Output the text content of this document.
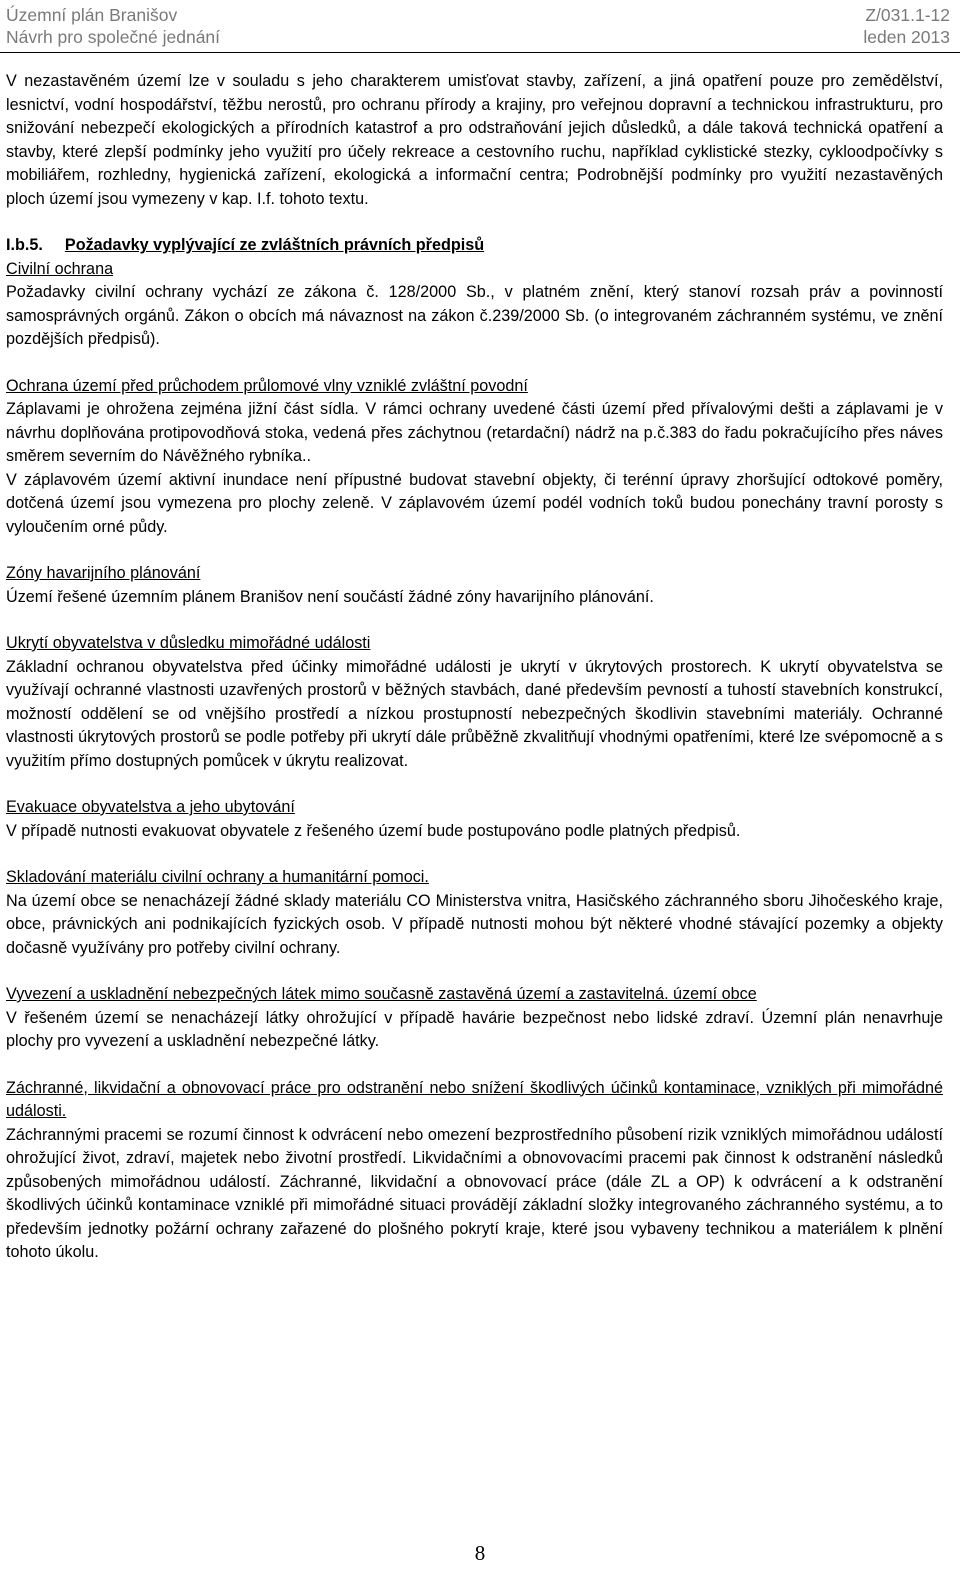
Územní plán Branišov	Z/031.1-12
Návrh pro společné jednání	leden 2013

V nezastavěném území lze v souladu s jeho charakterem umisťovat stavby, zařízení, a jiná opatření pouze pro zemědělství, lesnictví, vodní hospodářství, těžbu nerostů, pro ochranu přírody a krajiny, pro veřejnou dopravní a technickou infrastrukturu, pro snižování nebezpečí ekologických a přírodních katastrof a pro odstraňování jejich důsledků, a dále taková technická opatření a stavby, které zlepší podmínky jeho využití pro účely rekreace a cestovního ruchu, například cyklistické stezky, cykloodpočívky s mobiliářem, rozhledny, hygienická zařízení, ekologická a informační centra; Podrobnější podmínky pro využití nezastavěných ploch území jsou vymezeny v kap. I.f. tohoto textu.

I.b.5. Požadavky vyplývající ze zvláštních právních předpisů

Civilní ochrana

Požadavky civilní ochrany vychází ze zákona č. 128/2000 Sb., v platném znění, který stanoví rozsah práv a povinností samosprávných orgánů. Zákon o obcích má návaznost na zákon č.239/2000 Sb. (o integrovaném záchranném systému, ve znění pozdějších předpisů).

Ochrana území před průchodem průlomové vlny vzniklé zvláštní povodní

Záplavami je ohrožena zejména jižní část sídla. V rámci ochrany uvedené části území před přívalovými dešti a záplavami je v návrhu doplňována protipovodňová stoka, vedená přes záchytnou (retardační) nádrž na p.č.383 do řadu pokračujícího přes náves směrem severním do Návěžného rybníka..

V záplavovém území aktivní inundace není přípustné budovat stavební objekty, či terénní úpravy zhoršující odtokové poměry, dotčená území jsou vymezena pro plochy zeleně. V záplavovém území podél vodních toků budou ponechány travní porosty s vyloučením orné půdy.

Zóny havarijního plánování

Území řešené územním plánem Branišov není součástí žádné zóny havarijního plánování.

Ukrytí obyvatelstva v důsledku mimořádné události

Základní ochranou obyvatelstva před účinky mimořádné události je ukrytí v úkrytových prostorech. K ukrytí obyvatelstva se využívají ochranné vlastnosti uzavřených prostorů v běžných stavbách, dané především pevností a tuhostí stavebních konstrukcí, možností oddělení se od vnějšího prostředí a nízkou prostupností nebezpečných škodlivin stavebními materiály. Ochranné vlastnosti úkrytových prostorů se podle potřeby při ukrytí dále průběžně zkvalitňují vhodnými opatřeními, které lze svépomocně a s využitím přímo dostupných pomůcek v úkrytu realizovat.

Evakuace obyvatelstva a jeho ubytování

V případě nutnosti evakuovat obyvatele z řešeného území bude postupováno podle platných předpisů.

Skladování materiálu civilní ochrany a humanitární pomoci.

Na území obce se nenacházejí žádné sklady materiálu CO Ministerstva vnitra, Hasičského záchranného sboru Jihočeského kraje, obce, právnických ani podnikajících fyzických osob. V případě nutnosti mohou být některé vhodné stávající pozemky a objekty dočasně využívány pro potřeby civilní ochrany.

Vyvezení a uskladnění nebezpečných látek mimo současně zastavěná území a zastavitelná. území obce

V řešeném území se nenacházejí látky ohrožující v případě havárie bezpečnost nebo lidské zdraví. Územní plán nenavrhuje plochy pro vyvezení a uskladnění nebezpečné látky.

Záchranné, likvidační a obnovovací práce pro odstranění nebo snížení škodlivých účinků kontaminace, vzniklých při mimořádné události.

Záchrannými pracemi se rozumí činnost k odvrácení nebo omezení bezprostředního působení rizik vzniklých mimořádnou událostí ohrožující život, zdraví, majetek nebo životní prostředí. Likvidačními a obnovovacími pracemi pak činnost k odstranění následků způsobených mimořádnou událostí. Záchranné, likvidační a obnovovací práce (dále ZL a OP) k odvrácení a k odstranění škodlivých účinků kontaminace vzniklé při mimořádné situaci provádějí základní složky integrovaného záchranného systému, a to především jednotky požární ochrany zařazené do plošného pokrytí kraje, které jsou vybaveny technikou a materiálem k plnění tohoto úkolu.

8
